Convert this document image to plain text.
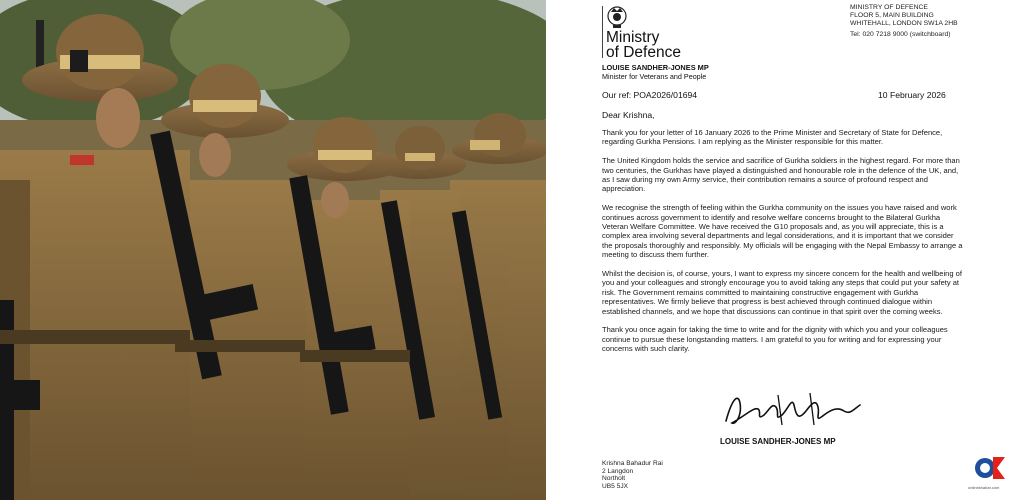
Ministry
of Defence
MINISTRY OF DEFENCE
FLOOR 5, MAIN BUILDING
WHITEHALL, LONDON SW1A 2HB
Tel: 020 7218 9000 (switchboard)
LOUISE SANDHER-JONES MP
Minister for Veterans and People
Our ref: POA2026/01694	10 February 2026
Dear Krishna,

Thank you for your letter of 16 January 2026 to the Prime Minister and Secretary of State for Defence, regarding Gurkha Pensions. I am replying as the Minister responsible for this matter.

The United Kingdom holds the service and sacrifice of Gurkha soldiers in the highest regard. For more than two centuries, the Gurkhas have played a distinguished and honourable role in the defence of the UK, and, as I saw during my own Army service, their contribution remains a source of profound respect and appreciation.

We recognise the strength of feeling within the Gurkha community on the issues you have raised and work continues across government to identify and resolve welfare concerns brought to the Bilateral Gurkha Veteran Welfare Committee. We have received the G10 proposals and, as you will appreciate, this is a complex area involving several departments and legal considerations, and it is important that we consider the proposals thoroughly and responsibly. My officials will be engaging with the Nepal Embassy to arrange a meeting to discuss them further.

Whilst the decision is, of course, yours, I want to express my sincere concern for the health and wellbeing of you and your colleagues and strongly encourage you to avoid taking any steps that could put your safety at risk. The Government remains committed to maintaining constructive engagement with Gurkha representatives. We firmly believe that progress is best achieved through continued dialogue within established channels, and we hope that discussions can continue in that spirit over the coming weeks.

Thank you once again for taking the time to write and for the dignity with which you and your colleagues continue to pursue these longstanding matters. I am grateful to you for writing and for expressing your concerns with such clarity.

LOUISE SANDHER-JONES MP
Krishna Bahadur Rai
2 Langdon
Northolt
UB5 5JX	onlinekhabar.com
